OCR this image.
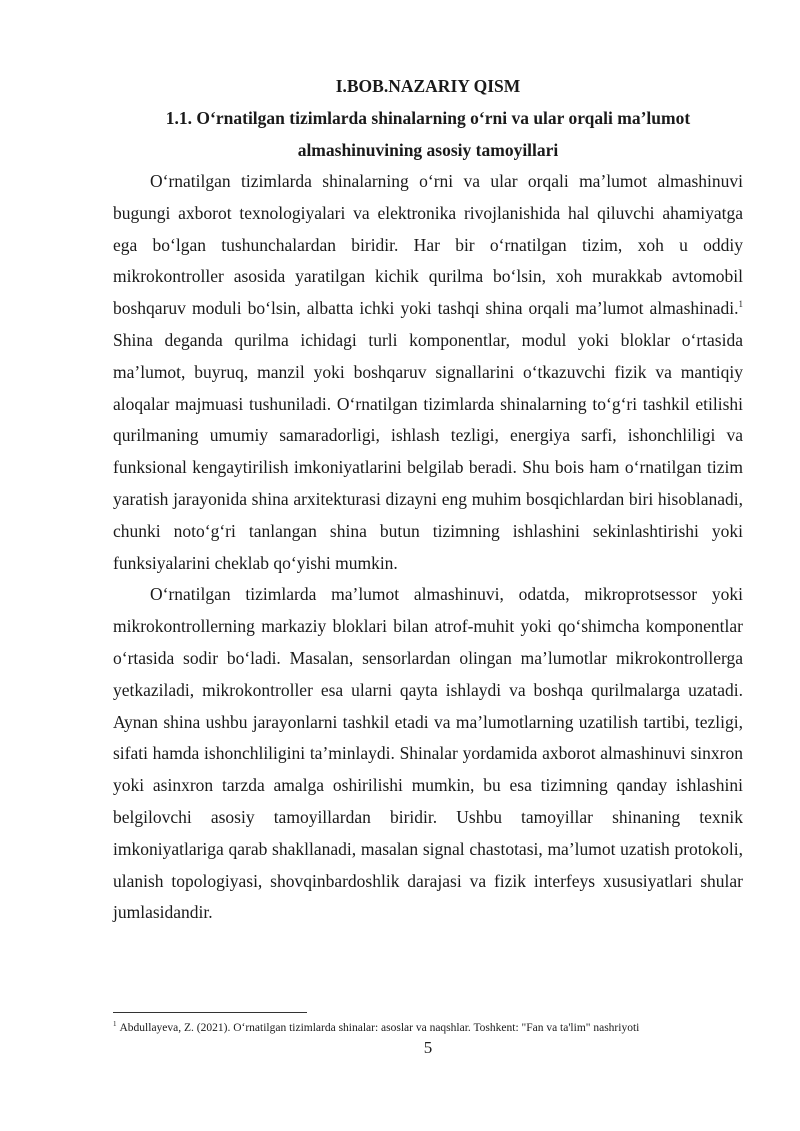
I.BOB.NAZARIY QISM
1.1. O‘rnatilgan tizimlarda shinalarning o‘rni va ular orqali ma’lumot
almashinuvining asosiy tamoyillari

O‘rnatilgan tizimlarda shinalarning o‘rni va ular orqali ma’lumot almashinuvi bugungi axborot texnologiyalari va elektronika rivojlanishida hal qiluvchi ahamiyatga ega bo‘lgan tushunchalardan biridir. Har bir o‘rnatilgan tizim, xoh u oddiy mikrokontroller asosida yaratilgan kichik qurilma bo‘lsin, xoh murakkab avtomobil boshqaruv moduli bo‘lsin, albatta ichki yoki tashqi shina orqali ma’lumot almashinadi.$^1$ Shina deganda qurilma ichidagi turli komponentlar, modul yoki bloklar o‘rtasida ma’lumot, buyruq, manzil yoki boshqaruv signallarini o‘tkazuvchi fizik va mantiqiy aloqalar majmuasi tushuniladi. O‘rnatilgan tizimlarda shinalarning to‘g‘ri tashkil etilishi qurilmaning umumiy samaradorligi, ishlash tezligi, energiya sarfi, ishonchliligi va funksional kengaytirilish imkoniyatlarini belgilab beradi. Shu bois ham o‘rnatilgan tizim yaratish jarayonida shina arxitekturasi dizayni eng muhim bosqichlardan biri hisoblanadi, chunki noto‘g‘ri tanlangan shina butun tizimning ishlashini sekinlashtirishi yoki funksiyalarini cheklab qo‘yishi mumkin.

O‘rnatilgan tizimlarda ma’lumot almashinuvi, odatda, mikroprotsessor yoki mikrokontrollerning markaziy bloklari bilan atrof-muhit yoki qo‘shimcha komponentlar o‘rtasida sodir bo‘ladi. Masalan, sensorlardan olingan ma’lumotlar mikrokontrollerga yetkaziladi, mikrokontroller esa ularni qayta ishlaydi va boshqa qurilmalarga uzatadi. Aynan shina ushbu jarayonlarni tashkil etadi va ma’lumotlarning uzatilish tartibi, tezligi, sifati hamda ishonchliligini ta’minlaydi. Shinalar yordamida axborot almashinuvi sinxron yoki asinxron tarzda amalga oshirilishi mumkin, bu esa tizimning qanday ishlashini belgilovchi asosiy tamoyillardan biridir. Ushbu tamoyillar shinaning texnik imkoniyatlariga qarab shakllanadi, masalan signal chastotasi, ma’lumot uzatish protokoli, ulanish topologiyasi, shovqinbardoshlik darajasi va fizik interfeys xususiyatlari shular jumlasidandir.

$^1$ Abdullayeva, Z. (2021). O‘rnatilgan tizimlarda shinalar: asoslar va naqshlar. Toshkent: "Fan va ta'lim" nashriyoti
5
